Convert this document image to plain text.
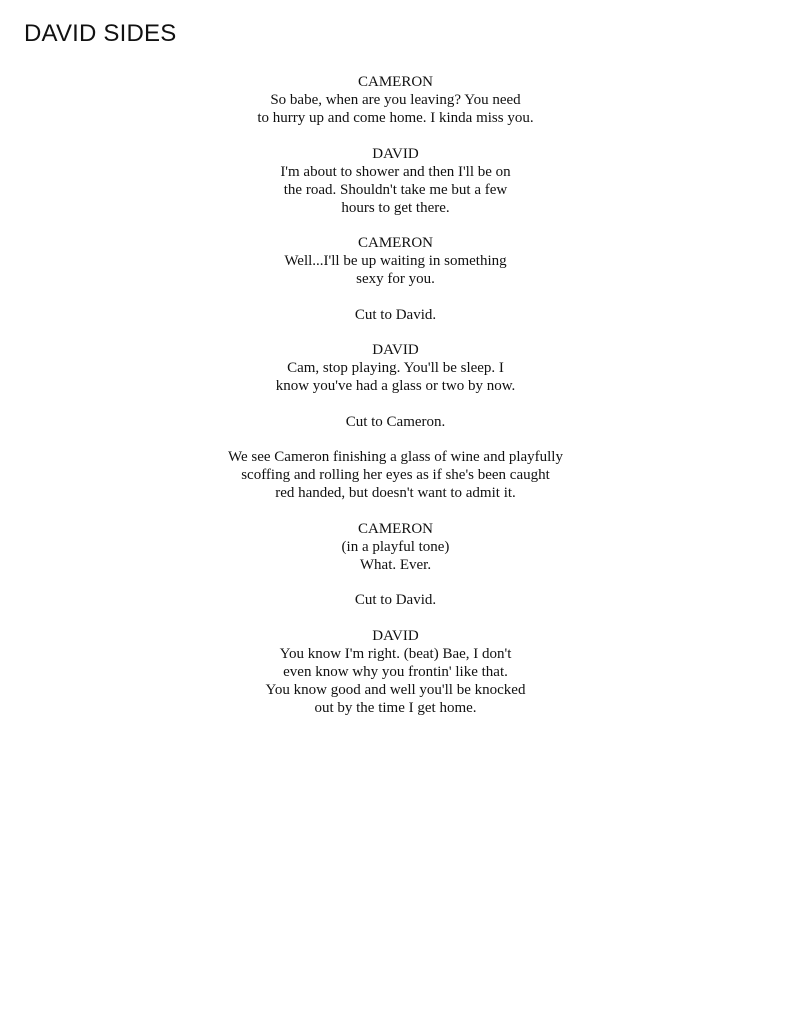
DAVID SIDES
CAMERON
So babe, when are you leaving? You need
to hurry up and come home. I kinda miss you.
DAVID
I'm about to shower and then I'll be on
the road. Shouldn't take me but a few
hours to get there.
CAMERON
Well...I'll be up waiting in something
sexy for you.
Cut to David.
DAVID
Cam, stop playing. You'll be sleep. I
know you've had a glass or two by now.
Cut to Cameron.
We see Cameron finishing a glass of wine and playfully
scoffing and rolling her eyes as if she's been caught
red handed, but doesn't want to admit it.
CAMERON
(in a playful tone)
What. Ever.
Cut to David.
DAVID
You know I'm right. (beat) Bae, I don't
even know why you frontin' like that.
You know good and well you'll be knocked
out by the time I get home.
